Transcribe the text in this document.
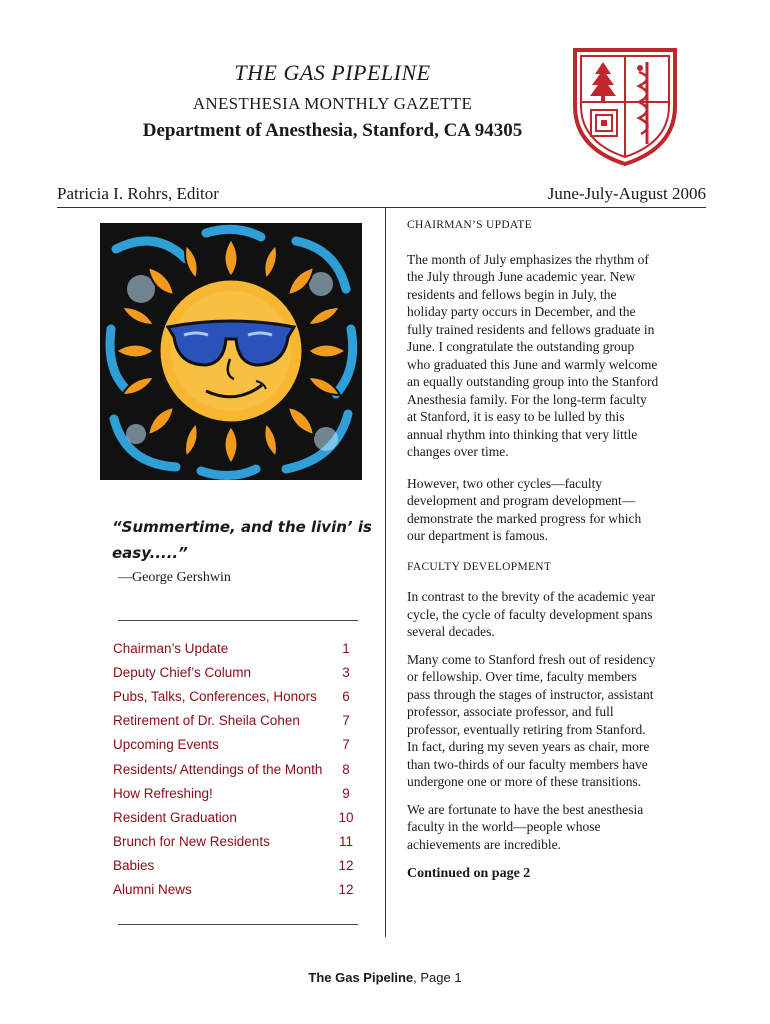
THE GAS PIPELINE
ANESTHESIA MONTHLY GAZETTE
Department of Anesthesia, Stanford, CA 94305
Patricia I. Rohrs, Editor	June-July-August 2006
“Summertime, and the livin’ is easy.....”
—George Gershwin
Chairman’s Update	1
Deputy Chief’s Column	3
Pubs, Talks, Conferences, Honors	6
Retirement of Dr. Sheila Cohen	7
Upcoming Events	7
Residents/ Attendings of the Month	8
How Refreshing!	9
Resident Graduation	10
Brunch for New Residents	11
Babies	12
Alumni News	12
CHAIRMAN’S UPDATE

The month of July emphasizes the rhythm of the July through June academic year. New residents and fellows begin in July, the holiday party occurs in December, and the fully trained residents and fellows graduate in June. I congratulate the outstanding group who graduated this June and warmly welcome an equally outstanding group into the Stanford Anesthesia family. For the long-term faculty at Stanford, it is easy to be lulled by this annual rhythm into thinking that very little changes over time.

However, two other cycles—faculty development and program development—demonstrate the marked progress for which our department is famous.

FACULTY DEVELOPMENT

In contrast to the brevity of the academic year cycle, the cycle of faculty development spans several decades.

Many come to Stanford fresh out of residency or fellowship. Over time, faculty members pass through the stages of instructor, assistant professor, associate professor, and full professor, eventually retiring from Stanford. In fact, during my seven years as chair, more than two-thirds of our faculty members have undergone one or more of these transitions.

We are fortunate to have the best anesthesia faculty in the world—people whose achievements are incredible.

Continued on page 2

The Gas Pipeline, Page 1
